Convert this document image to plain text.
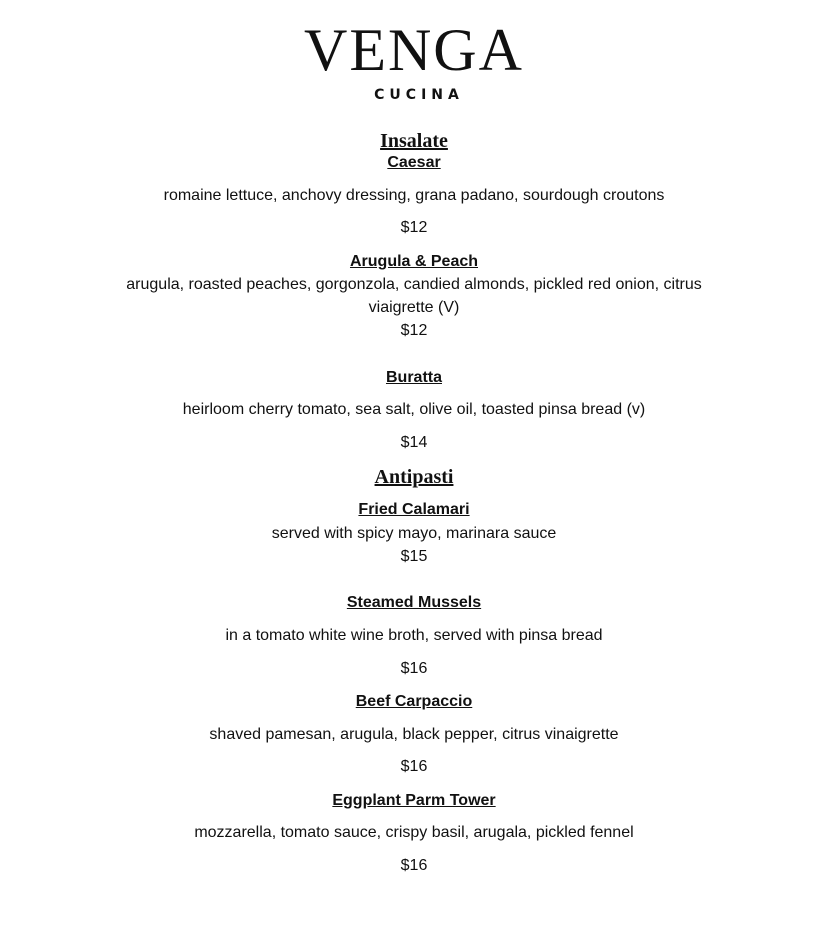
VENGA
CUCINA
Insalate
Caesar
romaine lettuce, anchovy dressing, grana padano, sourdough croutons
$12
Arugula & Peach
arugula, roasted peaches, gorgonzola, candied almonds, pickled red onion, citrus
viaigrette (V)
$12
Buratta
heirloom cherry tomato, sea salt, olive oil, toasted pinsa bread (v)
$14
Antipasti
Fried Calamari
served with spicy mayo, marinara sauce
$15
Steamed Mussels
in a tomato white wine broth, served with pinsa bread
$16
Beef Carpaccio
shaved pamesan, arugula, black pepper, citrus vinaigrette
$16
Eggplant Parm Tower
mozzarella, tomato sauce, crispy basil, arugala, pickled fennel
$16
